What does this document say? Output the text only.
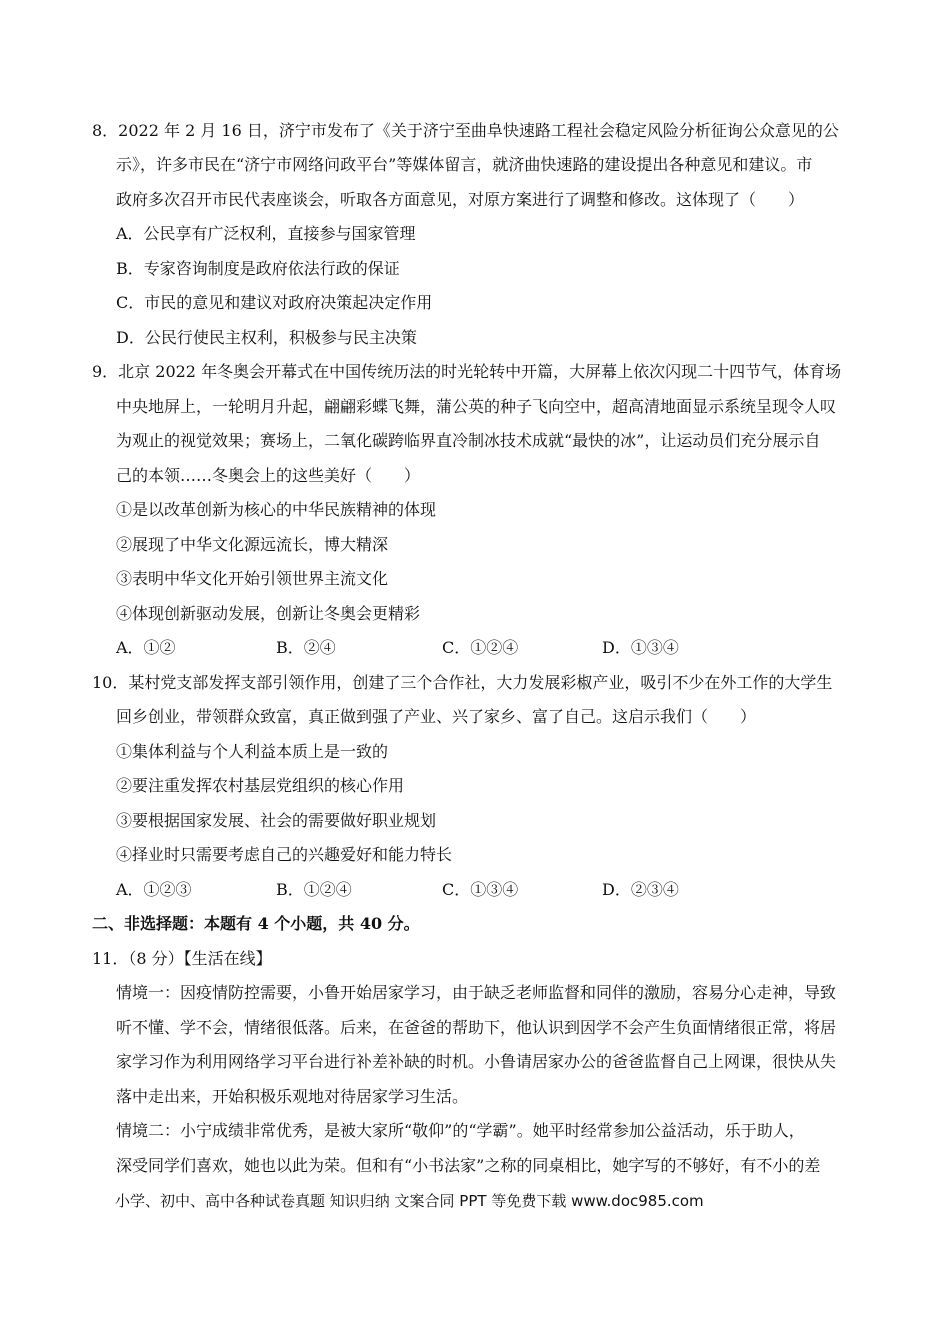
8．2022 年 2 月 16 日，济宁市发布了《关于济宁至曲阜快速路工程社会稳定风险分析征询公众意见的公
示》，许多市民在“济宁市网络问政平台”等媒体留言，就济曲快速路的建设提出各种意见和建议。市
政府多次召开市民代表座谈会，听取各方面意见，对原方案进行了调整和修改。这体现了（　　）
A．公民享有广泛权利，直接参与国家管理
B．专家咨询制度是政府依法行政的保证
C．市民的意见和建议对政府决策起决定作用
D．公民行使民主权利，积极参与民主决策
9．北京 2022 年冬奥会开幕式在中国传统历法的时光轮转中开篇，大屏幕上依次闪现二十四节气，体育场
中央地屏上，一轮明月升起，翩翩彩蝶飞舞，蒲公英的种子飞向空中，超高清地面显示系统呈现令人叹
为观止的视觉效果；赛场上，二氧化碳跨临界直冷制冰技术成就“最快的冰”，让运动员们充分展示自
己的本领……冬奥会上的这些美好（　　）
①是以改革创新为核心的中华民族精神的体现
②展现了中华文化源远流长，博大精深
③表明中华文化开始引领世界主流文化
④体现创新驱动发展，创新让冬奥会更精彩
A．①②	B．②④	C．①②④	D．①③④
10．某村党支部发挥支部引领作用，创建了三个合作社，大力发展彩椒产业，吸引不少在外工作的大学生
回乡创业，带领群众致富，真正做到强了产业、兴了家乡、富了自己。这启示我们（　　）
①集体利益与个人利益本质上是一致的
②要注重发挥农村基层党组织的核心作用
③要根据国家发展、社会的需要做好职业规划
④择业时只需要考虑自己的兴趣爱好和能力特长
A．①②③	B．①②④	C．①③④	D．②③④
二、非选择题：本题有 4 个小题，共 40 分。
11．（8 分）【生活在线】
情境一：因疫情防控需要，小鲁开始居家学习，由于缺乏老师监督和同伴的激励，容易分心走神，导致
听不懂、学不会，情绪很低落。后来，在爸爸的帮助下，他认识到因学不会产生负面情绪很正常，将居
家学习作为利用网络学习平台进行补差补缺的时机。小鲁请居家办公的爸爸监督自己上网课，很快从失
落中走出来，开始积极乐观地对待居家学习生活。
情境二：小宁成绩非常优秀，是被大家所“敬仰”的“学霸”。她平时经常参加公益活动，乐于助人，
深受同学们喜欢，她也以此为荣。但和有“小书法家”之称的同桌相比，她字写的不够好，有不小的差
小学、初中、高中各种试卷真题 知识归纳 文案合同 PPT 等免费下载 www.doc985.com
